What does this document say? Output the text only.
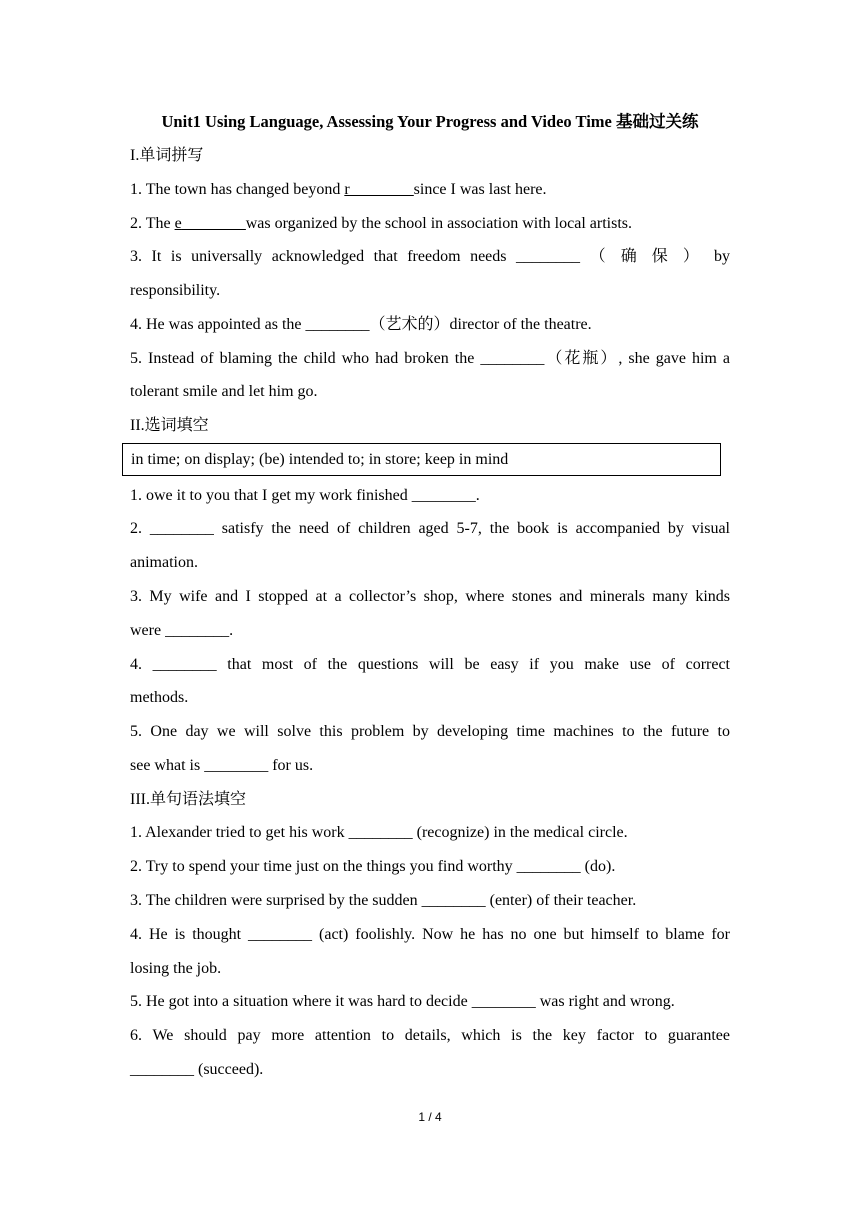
Unit1 Using Language, Assessing Your Progress and Video Time 基础过关练
I.单词拼写
1. The town has changed beyond r________since I was last here.
2. The e________was organized by the school in association with local artists.
3. It is universally acknowledged that freedom needs ________ （ 确 保 ） by
responsibility.
4. He was appointed as the ________（艺术的）director of the theatre.
5. Instead of blaming the child who had broken the ________（花瓶）, she gave him a
tolerant smile and let him go.
II.选词填空
in time; on display; (be) intended to; in store; keep in mind
1. owe it to you that I get my work finished ________.
2. ________ satisfy the need of children aged 5-7, the book is accompanied by visual
animation.
3. My wife and I stopped at a collector’s shop, where stones and minerals many kinds
were ________.
4. ________ that most of the questions will be easy if you make use of correct
methods.
5. One day we will solve this problem by developing time machines to the future to
see what is ________ for us.
III.单句语法填空
1. Alexander tried to get his work ________ (recognize) in the medical circle.
2. Try to spend your time just on the things you find worthy ________ (do).
3. The children were surprised by the sudden ________ (enter) of their teacher.
4. He is thought ________ (act) foolishly. Now he has no one but himself to blame for
losing the job.
5. He got into a situation where it was hard to decide ________ was right and wrong.
6. We should pay more attention to details, which is the key factor to guarantee
________ (succeed).
1 / 4
